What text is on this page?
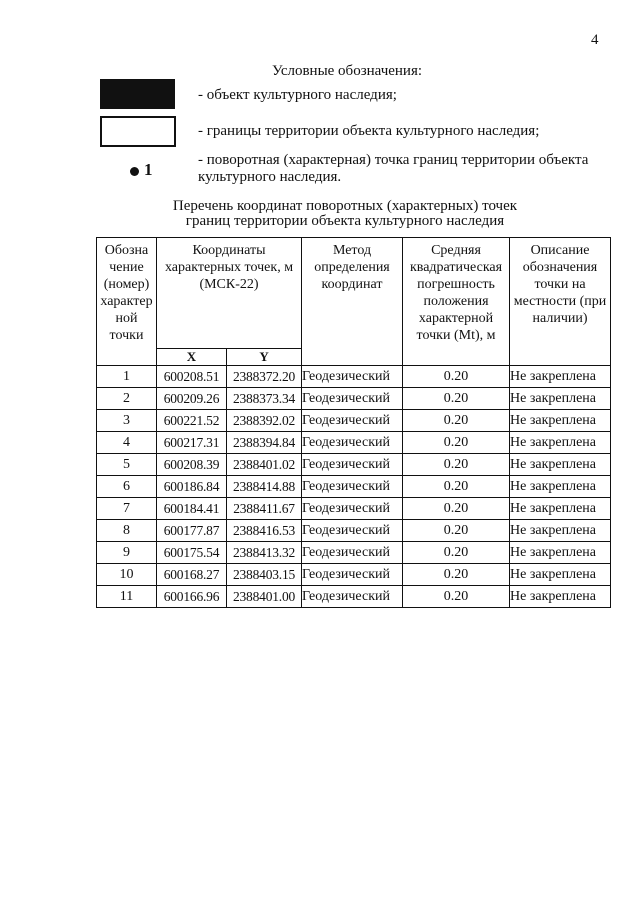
4
Условные обозначения:
- объект культурного наследия;
- границы территории объекта культурного наследия;
1	- поворотная (характерная) точка границ территории объекта культурного наследия.
Перечень координат поворотных (характерных) точек
границ территории объекта культурного наследия
Обозна чение (номер) характер ной точки	Координаты характерных точек, м (МСК-22)		Метод определения координат	Средняя квадратическая погрешность положения характерной точки (Mt), м	Описание обозначения точки на местности (при наличии)
	X	Y			
1	600208.51	2388372.20	Геодезический	0.20	Не закреплена
2	600209.26	2388373.34	Геодезический	0.20	Не закреплена
3	600221.52	2388392.02	Геодезический	0.20	Не закреплена
4	600217.31	2388394.84	Геодезический	0.20	Не закреплена
5	600208.39	2388401.02	Геодезический	0.20	Не закреплена
6	600186.84	2388414.88	Геодезический	0.20	Не закреплена
7	600184.41	2388411.67	Геодезический	0.20	Не закреплена
8	600177.87	2388416.53	Геодезический	0.20	Не закреплена
9	600175.54	2388413.32	Геодезический	0.20	Не закреплена
10	600168.27	2388403.15	Геодезический	0.20	Не закреплена
11	600166.96	2388401.00	Геодезический	0.20	Не закреплена
